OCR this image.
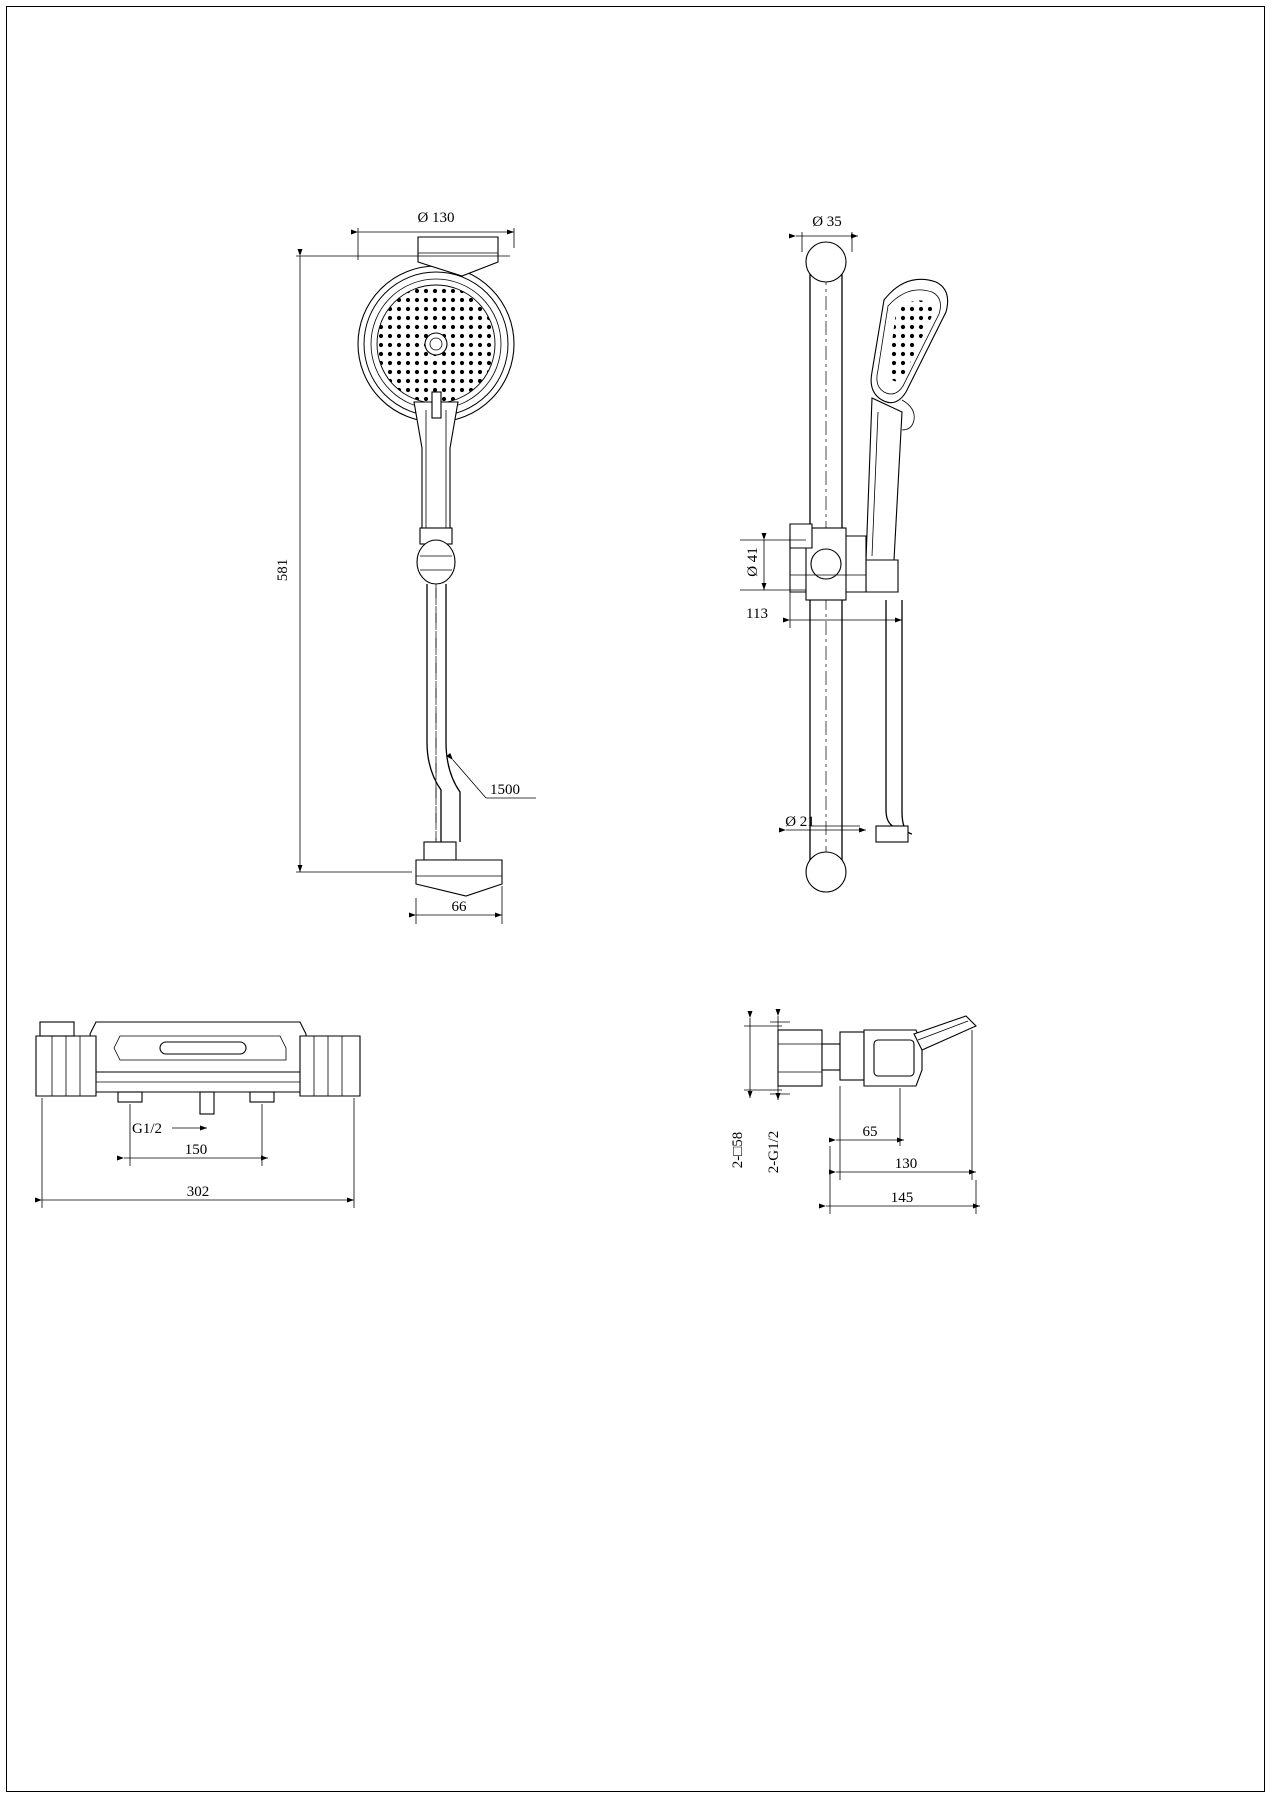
Ø 130
581
1500
66
Ø 35
Ø 41
113
Ø 21
G1/2
150
302
2-□58 2-G1/2	65
130
145
